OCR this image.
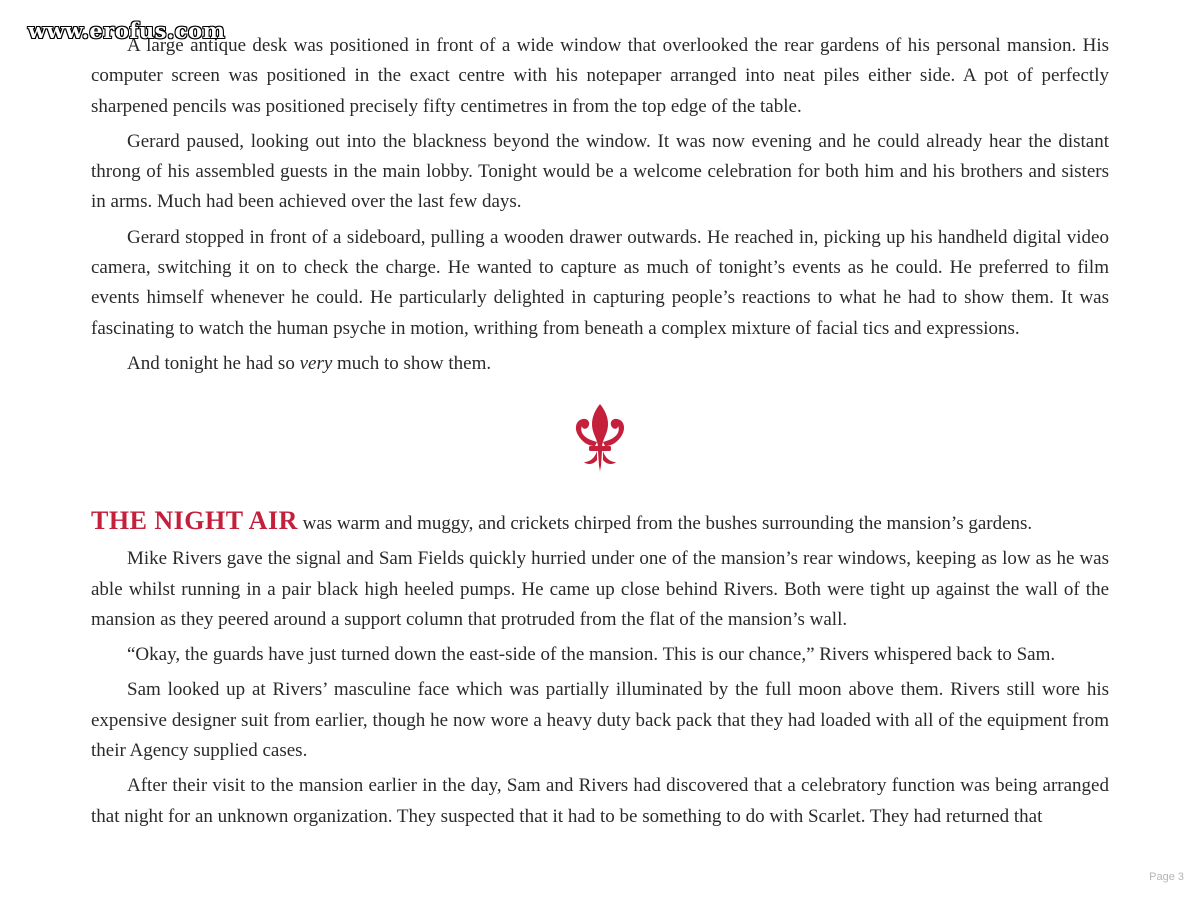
www.erofus.com

A large antique desk was positioned in front of a wide window that overlooked the rear gardens of his personal mansion. His computer screen was positioned in the exact centre with his notepaper arranged into neat piles either side. A pot of perfectly sharpened pencils was positioned precisely fifty centimetres in from the top edge of the table.

Gerard paused, looking out into the blackness beyond the window. It was now evening and he could already hear the distant throng of his assembled guests in the main lobby. Tonight would be a welcome celebration for both him and his brothers and sisters in arms. Much had been achieved over the last few days.

Gerard stopped in front of a sideboard, pulling a wooden drawer outwards. He reached in, picking up his handheld digital video camera, switching it on to check the charge. He wanted to capture as much of tonight’s events as he could. He preferred to film events himself whenever he could. He particularly delighted in capturing people’s reactions to what he had to show them. It was fascinating to watch the human psyche in motion, writhing from beneath a complex mixture of facial tics and expressions.

And tonight he had so very much to show them.

THE NIGHT AIR was warm and muggy, and crickets chirped from the bushes surrounding the mansion’s gardens.

Mike Rivers gave the signal and Sam Fields quickly hurried under one of the mansion’s rear windows, keeping as low as he was able whilst running in a pair black high heeled pumps. He came up close behind Rivers. Both were tight up against the wall of the mansion as they peered around a support column that protruded from the flat of the mansion’s wall.

“Okay, the guards have just turned down the east-side of the mansion. This is our chance,” Rivers whispered back to Sam.

Sam looked up at Rivers’ masculine face which was partially illuminated by the full moon above them. Rivers still wore his expensive designer suit from earlier, though he now wore a heavy duty back pack that they had loaded with all of the equipment from their Agency supplied cases.

After their visit to the mansion earlier in the day, Sam and Rivers had discovered that a celebratory function was being arranged that night for an unknown organization. They suspected that it had to be something to do with Scarlet. They had returned that

Page 3
